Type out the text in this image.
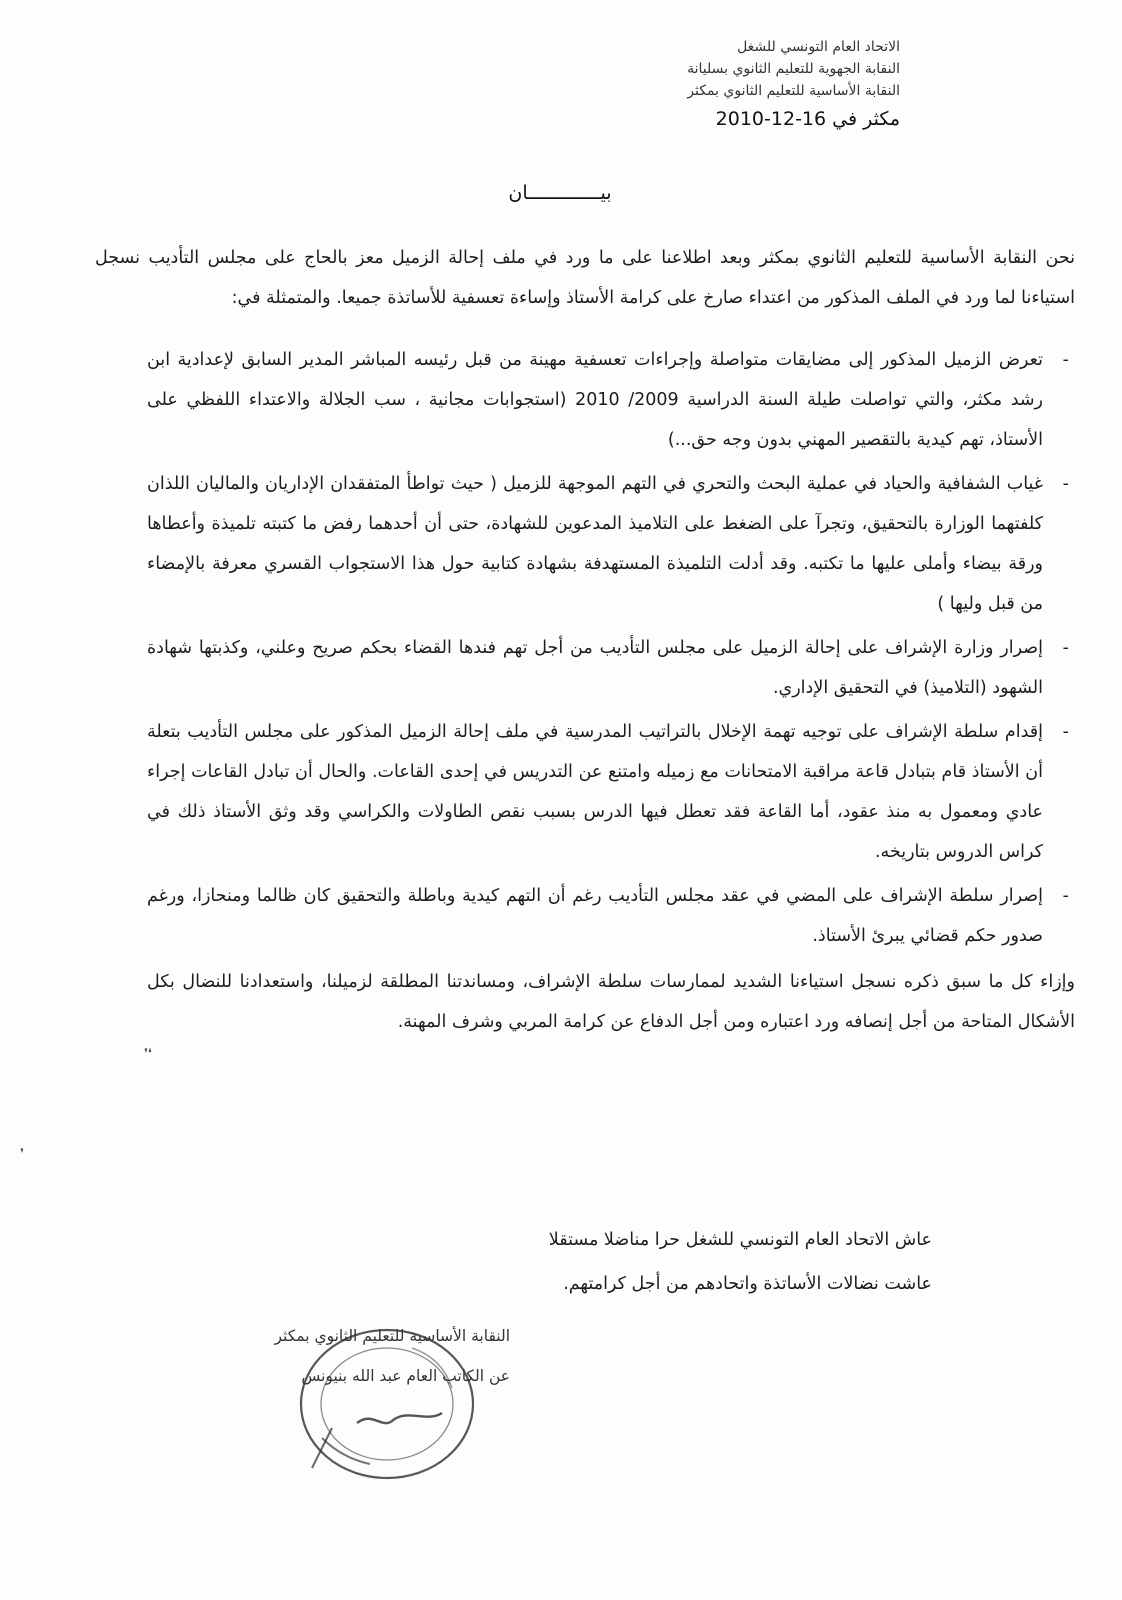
الاتحاد العام التونسي للشغل
النقابة الجهوية للتعليم الثانوي بسليانة
النقابة الأساسية للتعليم الثانوي بمكثر
مكثر في 16-12-2010
بيـــــــــــــان

نحن النقابة الأساسية للتعليم الثانوي بمكثر وبعد اطلاعنا على ما ورد في ملف إحالة الزميل معز بالحاج على مجلس التأديب نسجل استياءنا لما ورد في الملف المذكور من اعتداء صارخ على كرامة الأستاذ وإساءة تعسفية للأساتذة جميعا. والمتمثلة في:

-
تعرض الزميل المذكور إلى مضايقات متواصلة وإجراءات تعسفية مهينة من قبل رئيسه المباشر المدير السابق لإعدادية ابن رشد مكثر، والتي تواصلت طيلة السنة الدراسية 2009/ 2010 (استجوابات مجانية ، سب الجلالة والاعتداء اللفظي على الأستاذ، تهم كيدية بالتقصير المهني بدون وجه حق...)
-
غياب الشفافية والحياد في عملية البحث والتحري في التهم الموجهة للزميل ( حيث تواطأ المتفقدان الإداريان والماليان اللذان كلفتهما الوزارة بالتحقيق، وتجرآ على الضغط على التلاميذ المدعوين للشهادة، حتى أن أحدهما رفض ما كتبته تلميذة وأعطاها ورقة بيضاء وأملى عليها ما تكتبه. وقد أدلت التلميذة المستهدفة بشهادة كتابية حول هذا الاستجواب القسري معرفة بالإمضاء من قبل وليها )
-
إصرار وزارة الإشراف على إحالة الزميل على مجلس التأديب من أجل تهم فندها القضاء بحكم صريح وعلني، وكذبتها شهادة الشهود (التلاميذ) في التحقيق الإداري.
-
إقدام سلطة الإشراف على توجيه تهمة الإخلال بالتراتيب المدرسية في ملف إحالة الزميل المذكور على مجلس التأديب بتعلة أن الأستاذ قام بتبادل قاعة مراقبة الامتحانات مع زميله وامتنع عن التدريس في إحدى القاعات. والحال أن تبادل القاعات إجراء عادي ومعمول به منذ عقود، أما القاعة فقد تعطل فيها الدرس بسبب نقص الطاولات والكراسي وقد وثق الأستاذ ذلك في كراس الدروس بتاريخه.
-
إصرار سلطة الإشراف على المضي في عقد مجلس التأديب رغم أن التهم كيدية وباطلة والتحقيق كان ظالما ومنحازا، ورغم صدور حكم قضائي يبرئ الأستاذ.

وإزاء كل ما سبق ذكره نسجل استياءنا الشديد لممارسات سلطة الإشراف، ومساندتنا المطلقة لزميلنا، واستعدادنا للنضال بكل الأشكال المتاحة من أجل إنصافه ورد اعتباره ومن أجل الدفاع عن كرامة المربي وشرف المهنة.

عاش الاتحاد العام التونسي للشغل حرا مناضلا مستقلا
عاشت نضالات الأساتذة واتحادهم من أجل كرامتهم.
النقابة الأساسية للتعليم الثانوي بمكثر
عن الكاتب العام عبد الله بنيونس
❛❜
❜
